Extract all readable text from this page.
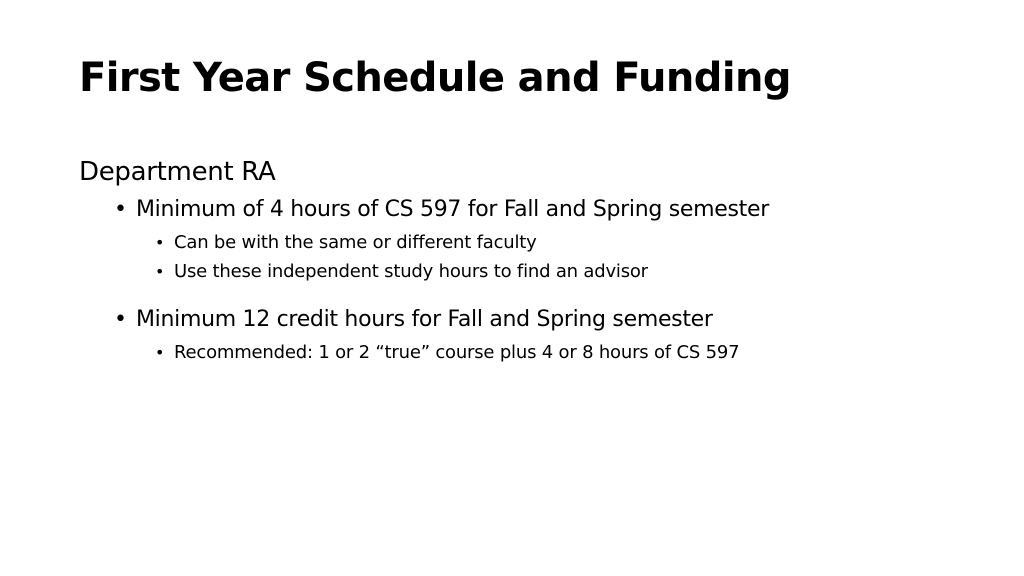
First Year Schedule and Funding
Department RA
• Minimum of 4 hours of CS 597 for Fall and Spring semester
• Can be with the same or different faculty
• Use these independent study hours to find an advisor
• Minimum 12 credit hours for Fall and Spring semester
• Recommended: 1 or 2 “true” course plus 4 or 8 hours of CS 597
